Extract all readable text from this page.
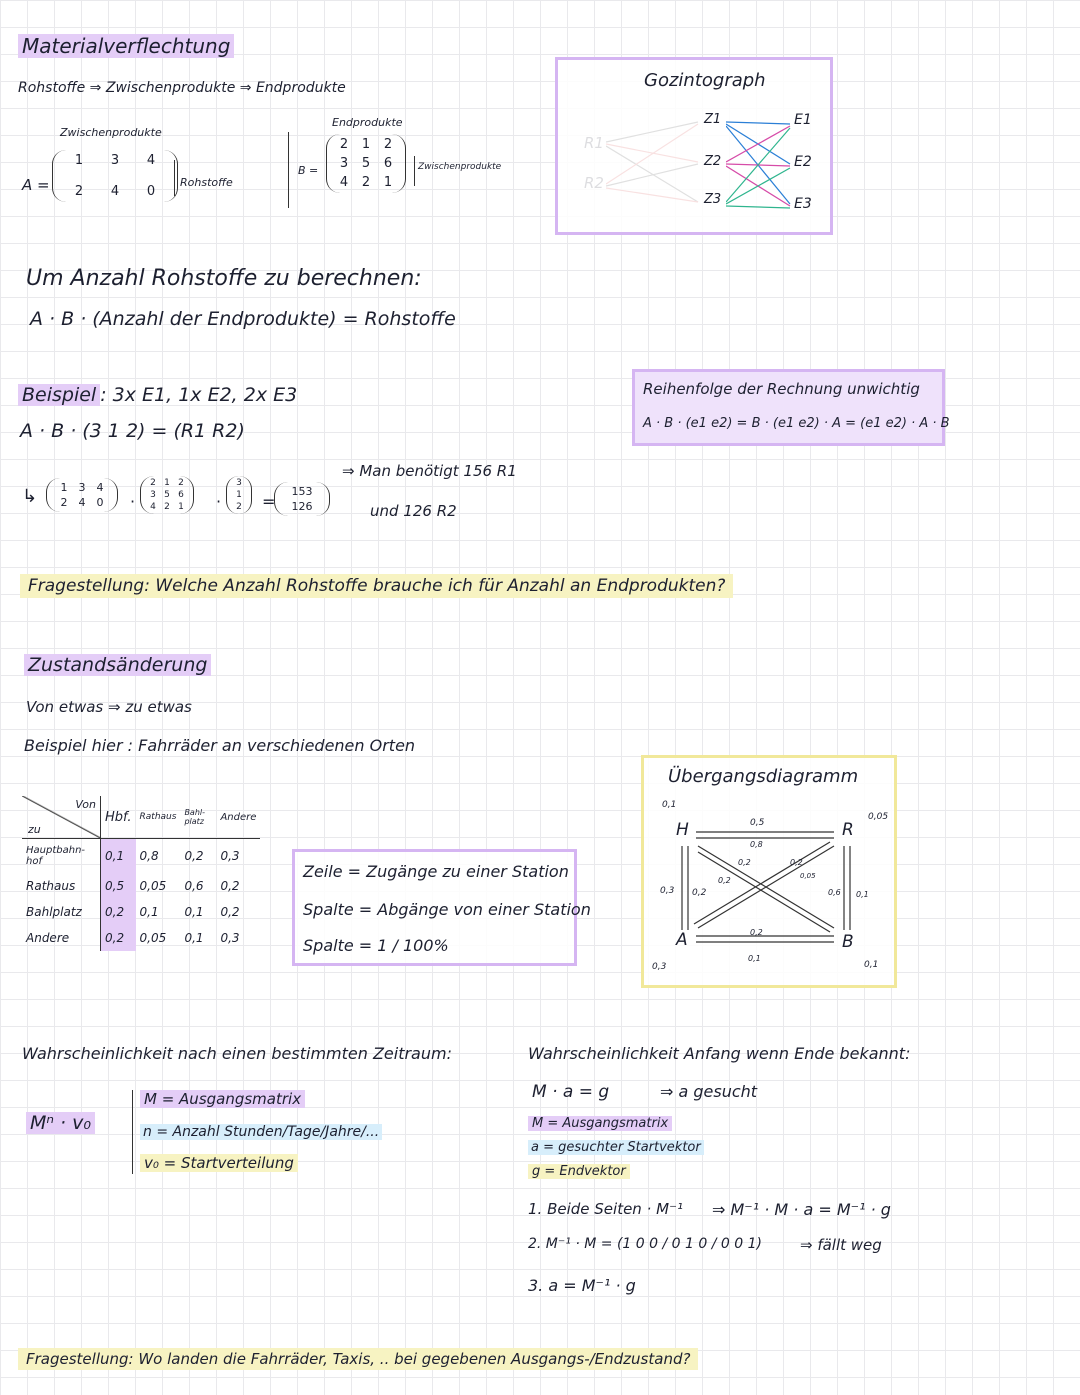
Materialverflechtung
Rohstoffe ⇒ Zwischenprodukte ⇒ Endprodukte
Zwischenprodukte
A =
1	3	4
2	4	0
Rohstoffe
Endprodukte
B =
2	1	2
3	5	6
4	2	1
Zwischenprodukte
Gozintograph
Z1
Z2
Z3
E1
E2
E3
Um Anzahl Rohstoffe zu berechnen:
A · B · (Anzahl der Endprodukte) = Rohstoffe
Beispiel : 3x E1, 1x E2, 2x E3
A · B · (3 1 2) = (R1 R2)
↳	1	3	4
2	4	0	·
2 1 2
3 5 6
4 2 1 ·
3
1
2 =
153
126
⇒ Man benötigt 156 R1
und 126 R2
Reihenfolge der Rechnung unwichtig
A · B · (e1 e2) = B · (e1 e2) · A = (e1 e2) · A · B
Fragestellung: Welche Anzahl Rohstoffe brauche ich für Anzahl an Endprodukten?
Zustandsänderung
Von etwas ⇒ zu etwas
Beispiel hier : Fahrräder an verschiedenen Orten
Von
zu	Hbf.	Rathaus	Bahl-platz	Andere
Hauptbahn-hof	0,1	0,8	0,2	0,3
Rathaus	0,5	0,05	0,6	0,2
Bahlplatz	0,2	0,1	0,1	0,2
Andere	0,2	0,05	0,1	0,3
Zeile = Zugänge zu einer Station
Spalte = Abgänge von einer Station
Spalte = 1 / 100%
Übergangsdiagramm
H	R
A	B
0,1
0,05
0,5
0,8
0,2	0,2
0,05
0,3 0,2
0,2
0,6 0,1
0,2
0,1
0,3	0,1
Wahrscheinlichkeit nach einen bestimmten Zeitraum:
Mⁿ · v₀
M = Ausgangsmatrix
n = Anzahl Stunden/Tage/Jahre/...
v₀ = Startverteilung
Wahrscheinlichkeit Anfang wenn Ende bekannt:
M · a = g	⇒ a gesucht
M = Ausgangsmatrix
a = gesuchter Startvektor
g = Endvektor
1. Beide Seiten · M⁻¹ ⇒ M⁻¹ · M · a = M⁻¹ · g
2. M⁻¹ · M = (1 0 0 / 0 1 0 / 0 0 1)	⇒ fällt weg
3. a = M⁻¹ · g
Fragestellung: Wo landen die Fahrräder, Taxis, .. bei gegebenen Ausgangs-/Endzustand?
